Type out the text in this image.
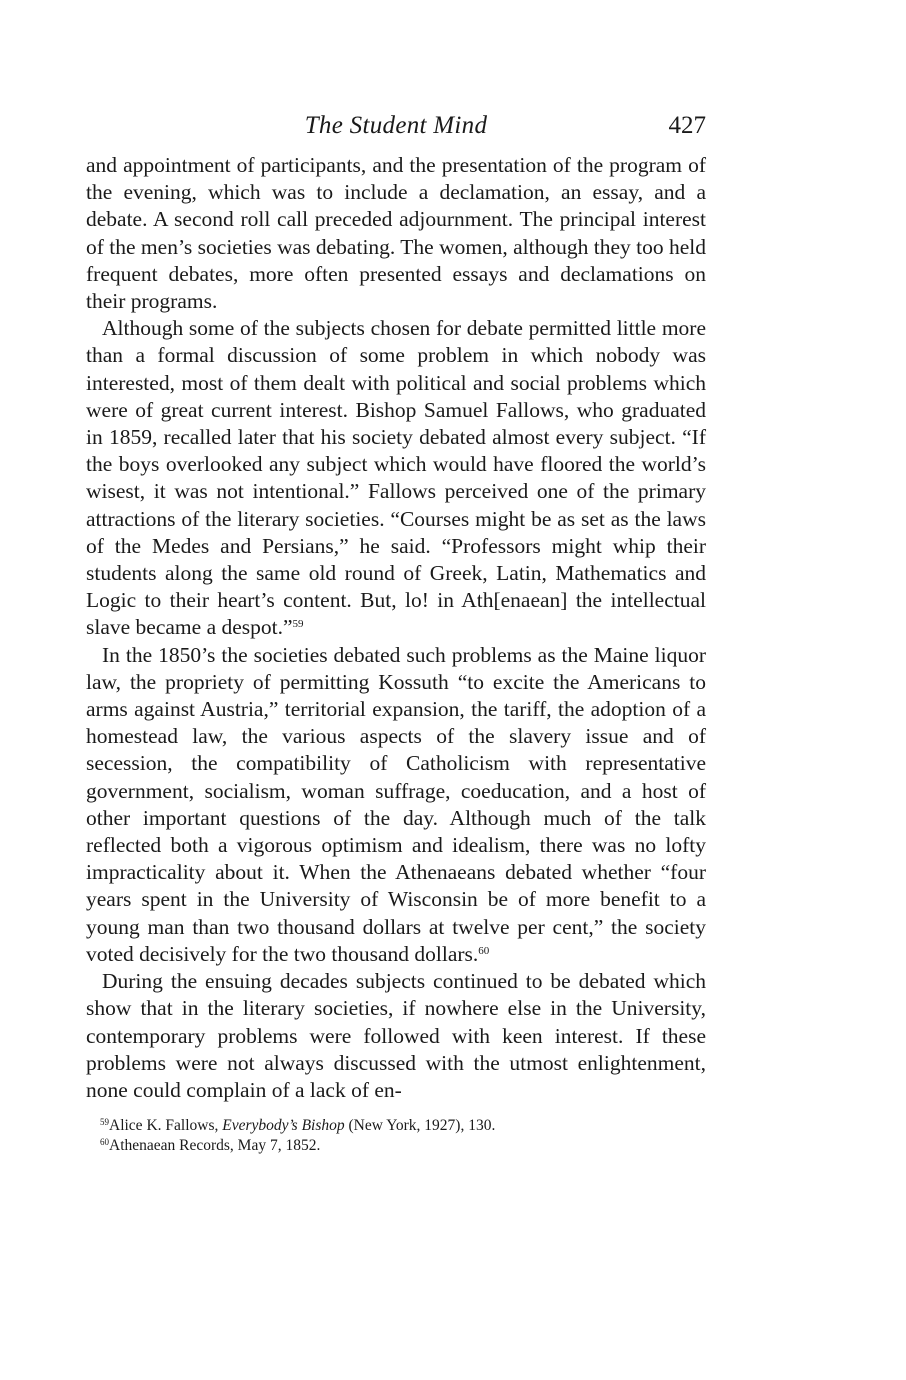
The Student Mind	427

and appointment of participants, and the presentation of the program of the evening, which was to include a declamation, an essay, and a debate. A second roll call preceded adjournment. The principal interest of the men’s societies was debating. The women, although they too held frequent debates, more often presented essays and declamations on their programs.

Although some of the subjects chosen for debate permitted little more than a formal discussion of some problem in which nobody was interested, most of them dealt with political and social problems which were of great current interest. Bishop Samuel Fallows, who graduated in 1859, recalled later that his society debated almost every subject. “If the boys overlooked any subject which would have floored the world’s wisest, it was not intentional.” Fallows perceived one of the primary attractions of the literary societies. “Courses might be as set as the laws of the Medes and Persians,” he said. “Professors might whip their students along the same old round of Greek, Latin, Mathematics and Logic to their heart’s content. But, lo! in Ath[enaean] the intellectual slave became a despot.”$^{59}$

In the 1850’s the societies debated such problems as the Maine liquor law, the propriety of permitting Kossuth “to excite the Americans to arms against Austria,” territorial expansion, the tariff, the adoption of a homestead law, the various aspects of the slavery issue and of secession, the compatibility of Catholicism with representative government, socialism, woman suffrage, coeducation, and a host of other important questions of the day. Although much of the talk reflected both a vigorous optimism and idealism, there was no lofty impracticality about it. When the Athenaeans debated whether “four years spent in the University of Wisconsin be of more benefit to a young man than two thousand dollars at twelve per cent,” the society voted decisively for the two thousand dollars.$^{60}$

During the ensuing decades subjects continued to be debated which show that in the literary societies, if nowhere else in the University, contemporary problems were followed with keen interest. If these problems were not always discussed with the utmost enlightenment, none could complain of a lack of en-

$^{59}$Alice K. Fallows, Everybody’s Bishop (New York, 1927), 130.
$^{60}$Athenaean Records, May 7, 1852.
